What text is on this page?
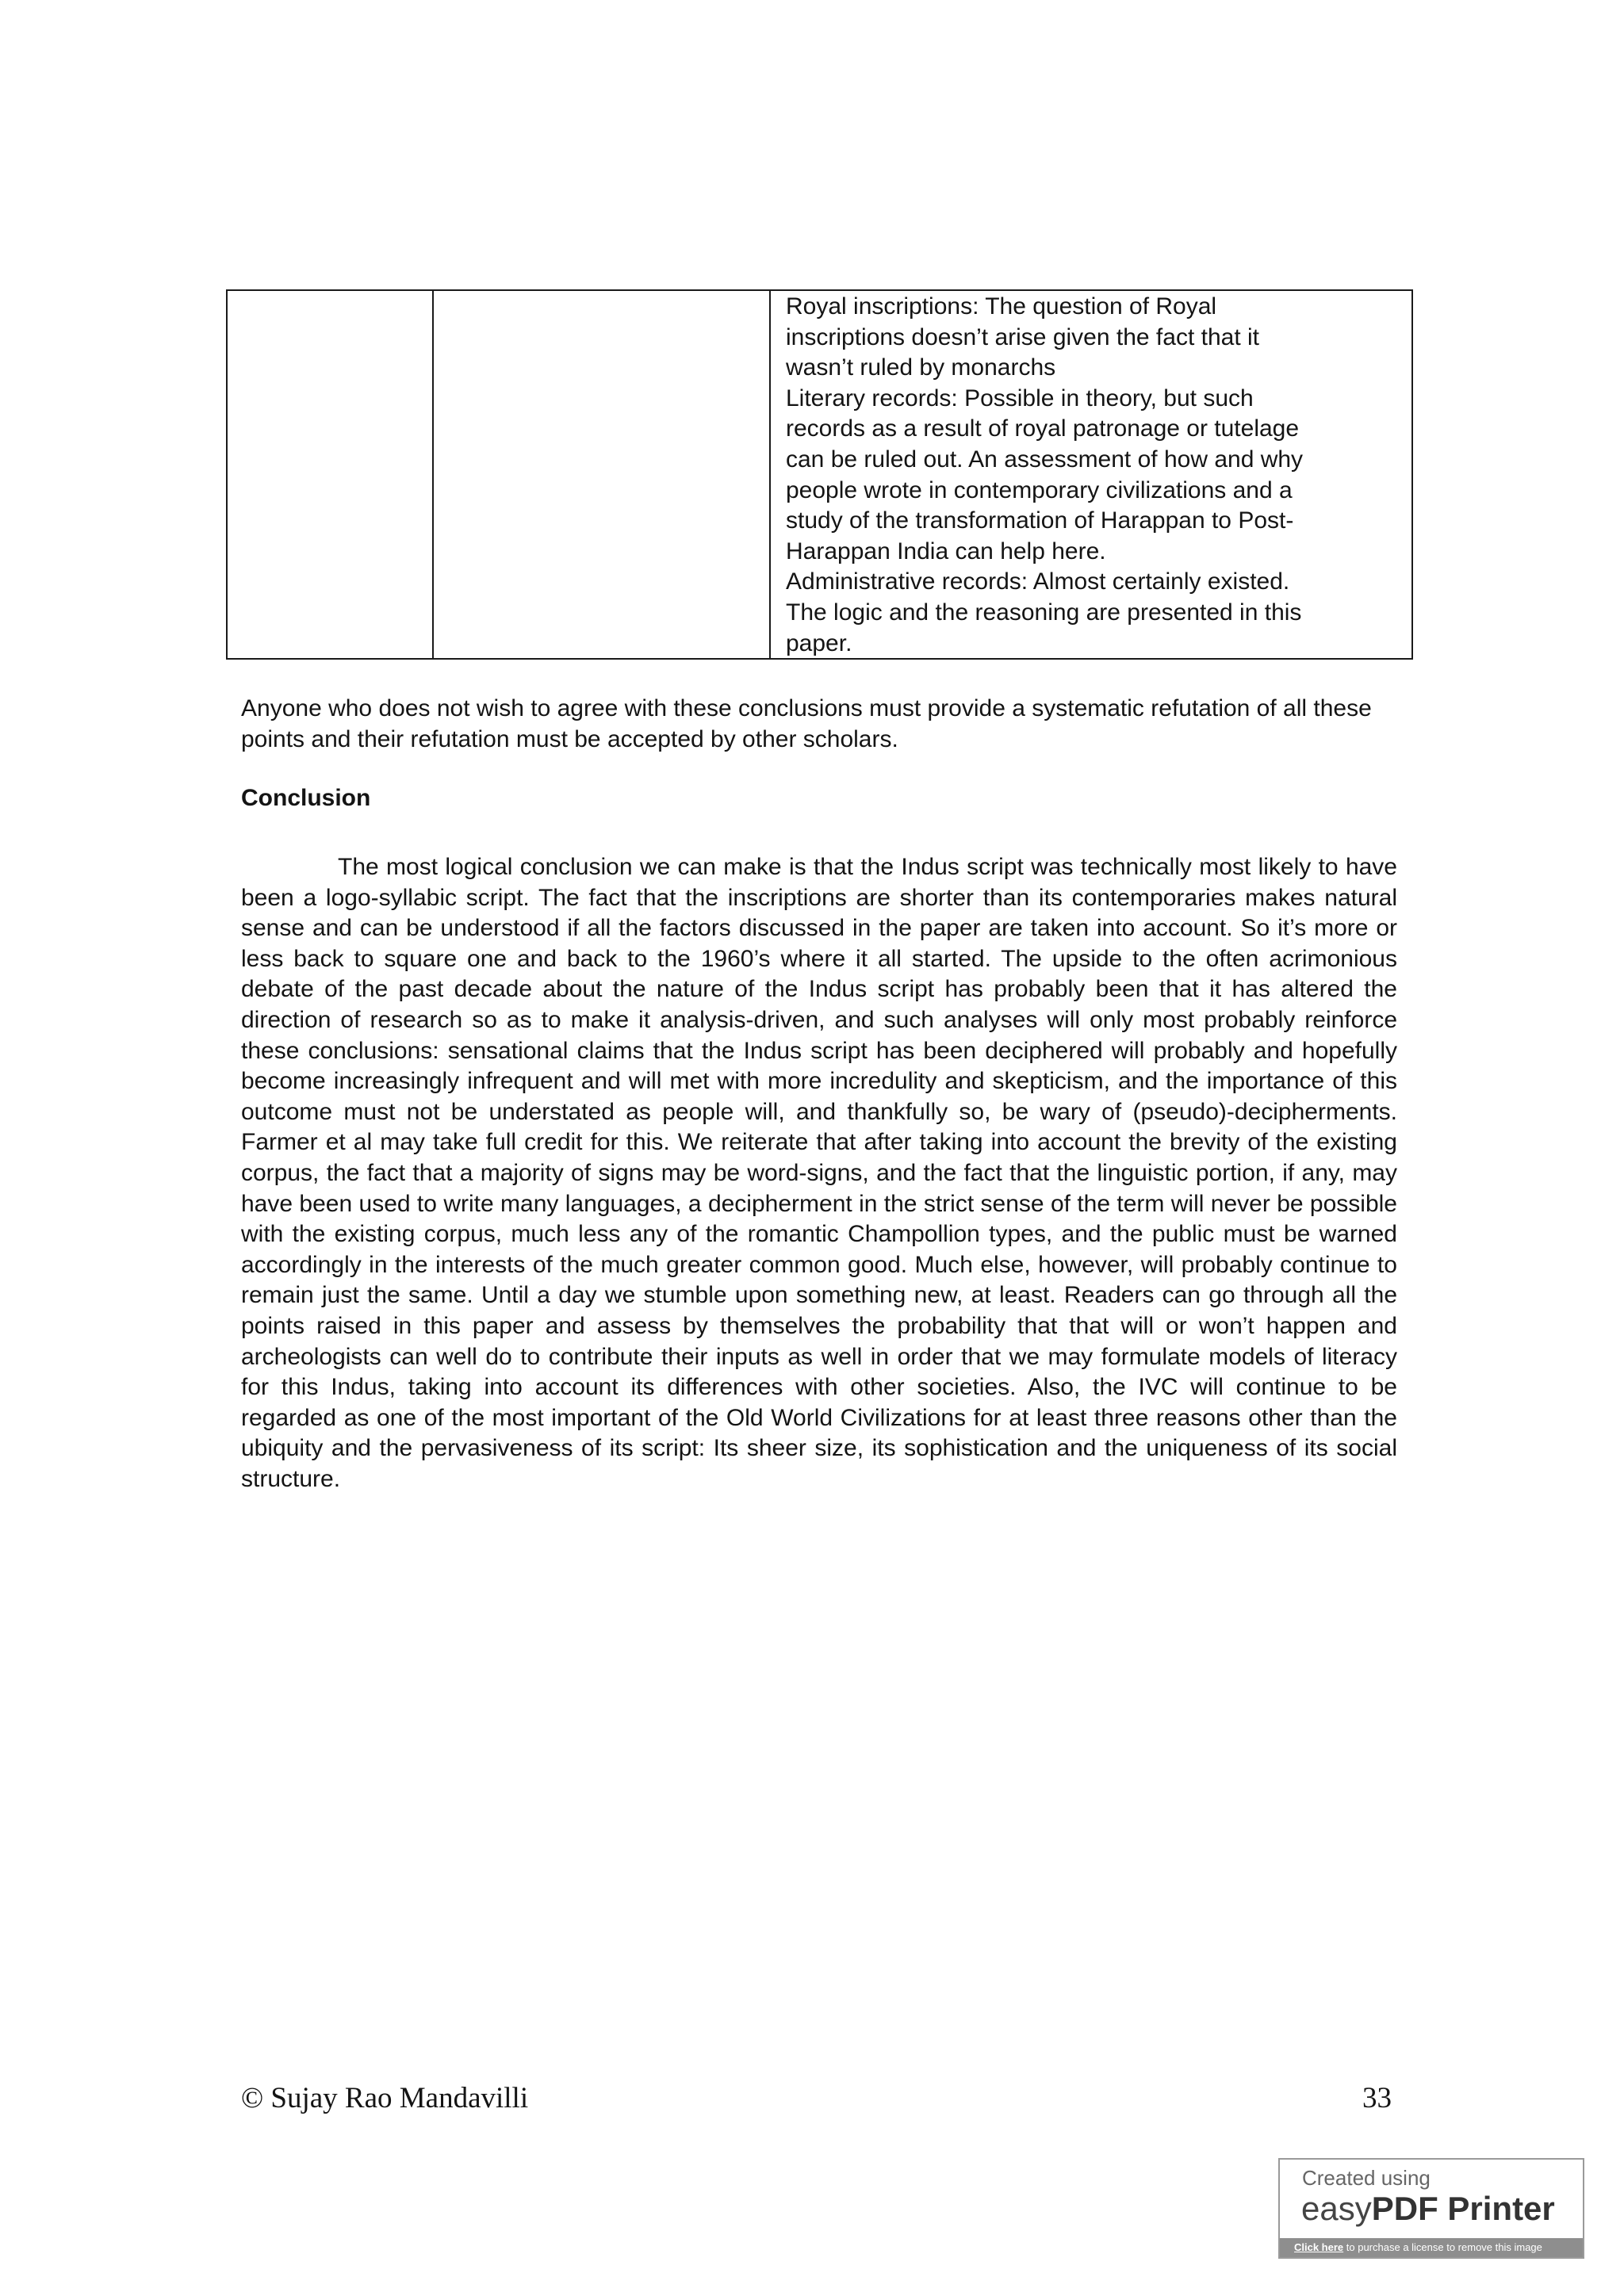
Royal inscriptions: The question of Royal

inscriptions doesn’t arise given the fact that it

wasn’t ruled by monarchs

Literary records: Possible in theory, but such

records as a result of royal patronage or tutelage

can be ruled out. An assessment of how and why

people wrote in contemporary civilizations and a

study of the transformation of Harappan to Post-

Harappan India can help here.

Administrative records: Almost certainly existed.

The logic and the reasoning are presented in this

paper.

Anyone who does not wish to agree with these conclusions must provide a systematic refutation of all these points and their refutation must be accepted by other scholars.

Conclusion

The most logical conclusion we can make is that the Indus script was technically most likely to have been a logo-syllabic script. The fact that the inscriptions are shorter than its contemporaries makes natural sense and can be understood if all the factors discussed in the paper are taken into account. So it’s more or less back to square one and back to the 1960’s where it all started. The upside to the often acrimonious debate of the past decade about the nature of the Indus script has probably been that it has altered the direction of research so as to make it analysis-driven, and such analyses will only most probably reinforce these conclusions: sensational claims that the Indus script has been deciphered will probably and hopefully become increasingly infrequent and will met with more incredulity and skepticism, and the importance of this outcome must not be understated as people will, and thankfully so, be wary of (pseudo)-decipherments. Farmer et al may take full credit for this. We reiterate that after taking into account the brevity of the existing corpus, the fact that a majority of signs may be word-signs, and the fact that the linguistic portion, if any, may have been used to write many languages, a decipherment in the strict sense of the term will never be possible with the existing corpus, much less any of the romantic Champollion types, and the public must be warned accordingly in the interests of the much greater common good. Much else, however, will probably continue to remain just the same. Until a day we stumble upon something new, at least. Readers can go through all the points raised in this paper and assess by themselves the probability that that will or won’t happen and archeologists can well do to contribute their inputs as well in order that we may formulate models of literacy for this Indus, taking into account its differences with other societies. Also, the IVC will continue to be regarded as one of the most important of the Old World Civilizations for at least three reasons other than the ubiquity and the pervasiveness of its script: Its sheer size, its sophistication and the uniqueness of its social structure.

© Sujay Rao Mandavilli	33
Created using
easyPDF Printer
Click here to purchase a license to remove this image
